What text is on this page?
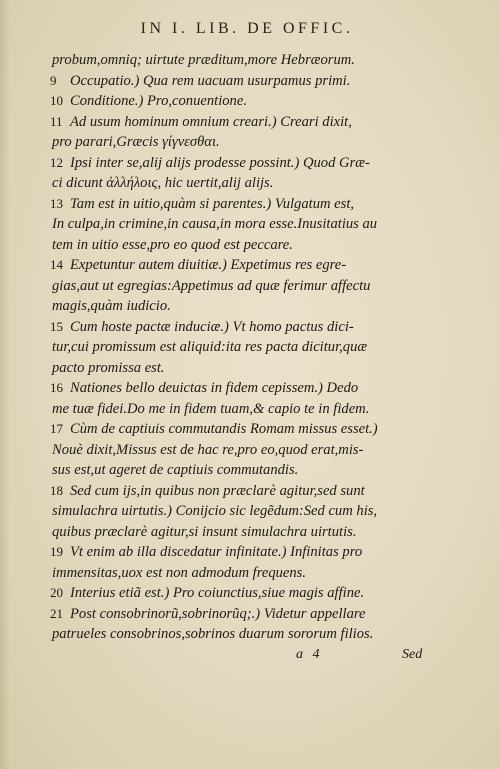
IN I. LIB. DE OFFIC.
probum,omniq; uirtute præditum,more Hebræorum.
9 Occupatio.) Qua rem uacuam usurpamus primi.
10 Conditione.) Pro,conuentione.
11 Ad usum hominum omnium creari.) Creari dixit,
pro parari,Græcis γίγνεσθαι.
12 Ipsi inter se,alij alijs prodesse possint.) Quod Græ-
ci dicunt ἀλλήλοις, hic uertit,alij alijs.
13 Tam est in uitio,quàm si parentes.) Vulgatum est,
In culpa,in crimine,in causa,in mora esse.Inusitatius au
tem in uitio esse,pro eo quod est peccare.
14 Expetuntur autem diuitiæ.) Expetimus res egre-
gias,aut ut egregias:Appetimus ad quæ ferimur affectu
magis,quàm iudicio.
15 Cum hoste pactæ induciæ.) Vt homo pactus dici-
tur,cui promissum est aliquid:ita res pacta dicitur,quæ
pacto promissa est.
16 Nationes bello deuictas in fidem cepissem.) Dedo
me tuæ fidei.Do me in fidem tuam,& capio te in fidem.
17 Cùm de captiuis commutandis Romam missus esset.)
Nouè dixit,Missus est de hac re,pro eo,quod erat,mis-
sus est,ut ageret de captiuis commutandis.
18 Sed cum ijs,in quibus non præclarè agitur,sed sunt
simulachra uirtutis.) Conijcio sic legẽdum:Sed cum his,
quibus præclarè agitur,si insunt simulachra uirtutis.
19 Vt enim ab illa discedatur infinitate.) Infinitas pro
immensitas,uox est non admodum frequens.
20 Interius etiã est.) Pro coiunctius,siue magis affine.
21 Post consobrinorũ,sobrinorũq;.) Videtur appellare
patrueles consobrinos,sobrinos duarum sororum filios.
a 4	Sed
